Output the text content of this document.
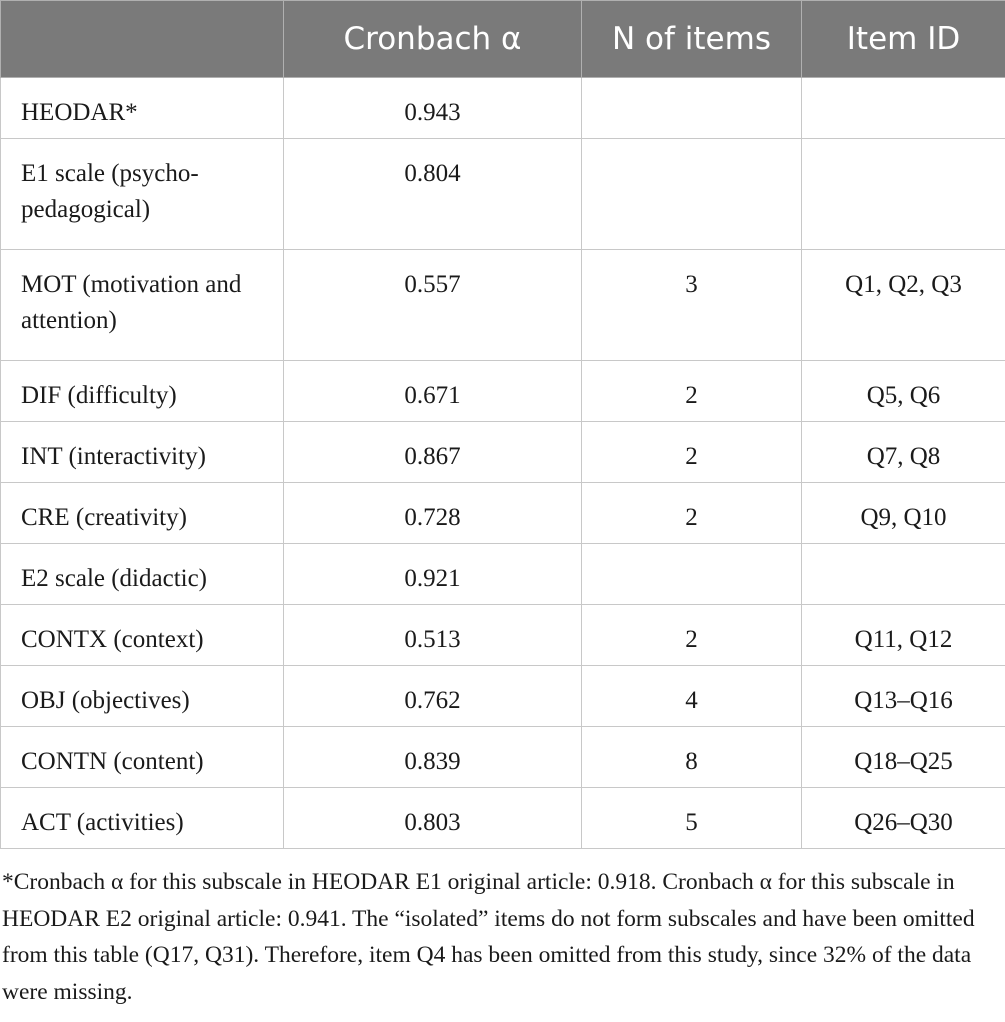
	Cronbach α	N of items	Item ID
HEODAR*	0.943		
E1 scale (psycho-pedagogical)	0.804		
MOT (motivation and attention)	0.557	3	Q1, Q2, Q3
DIF (difficulty)	0.671	2	Q5, Q6
INT (interactivity)	0.867	2	Q7, Q8
CRE (creativity)	0.728	2	Q9, Q10
E2 scale (didactic)	0.921		
CONTX (context)	0.513	2	Q11, Q12
OBJ (objectives)	0.762	4	Q13–Q16
CONTN (content)	0.839	8	Q18–Q25
ACT (activities)	0.803	5	Q26–Q30

*Cronbach α for this subscale in HEODAR E1 original article: 0.918. Cronbach α for this subscale in HEODAR E2 original article: 0.941. The “isolated” items do not form subscales and have been omitted from this table (Q17, Q31). Therefore, item Q4 has been omitted from this study, since 32% of the data were missing.
